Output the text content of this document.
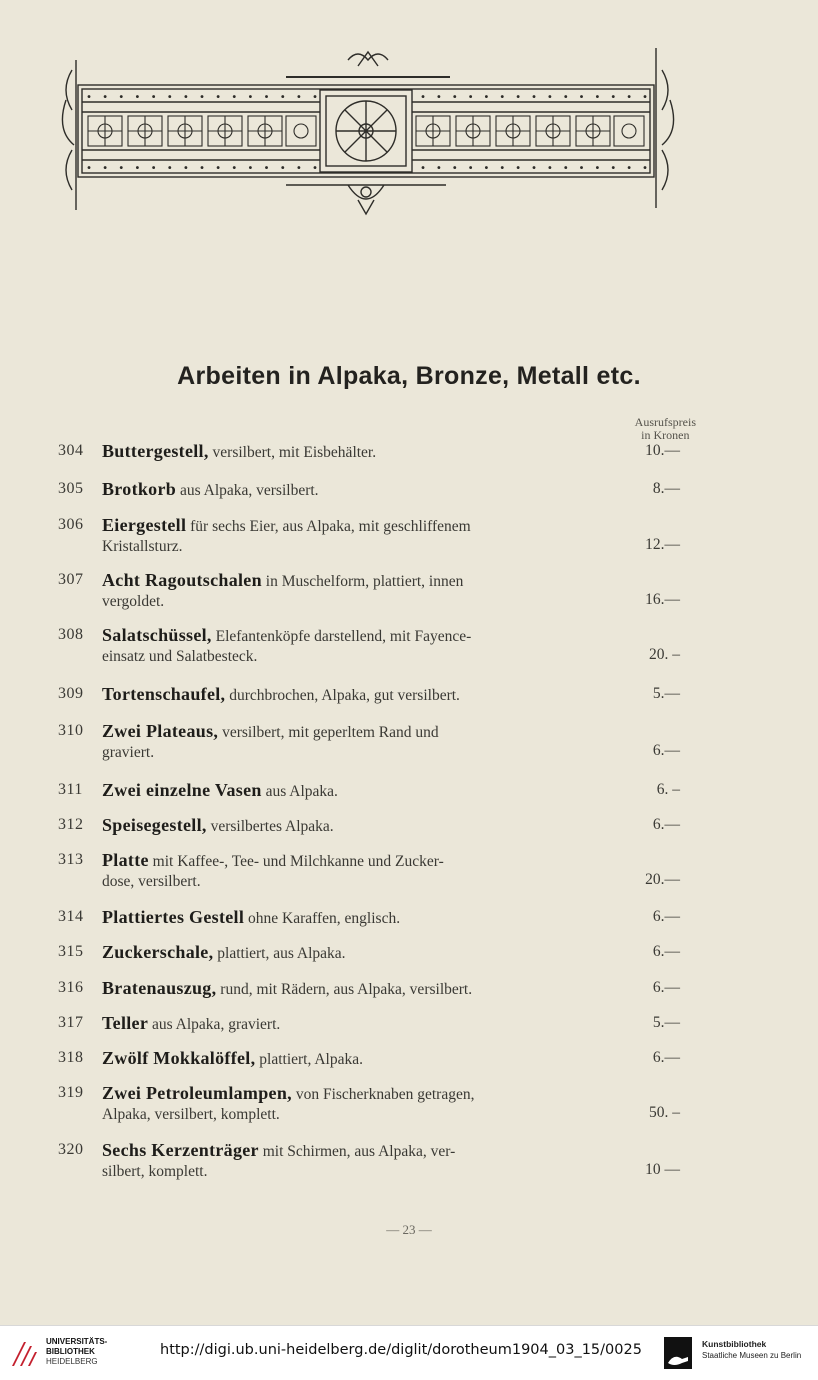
∙∙∙∙∙∙∙∙∙∙∙∙∙∙∙	∙∙∙∙∙∙∙∙∙∙∙∙∙∙∙
∙∙∙∙∙∙∙∙∙∙∙∙∙∙∙	∙∙∙∙∙∙∙∙∙∙∙∙∙∙∙
Arbeiten in Alpaka, Bronze, Metall etc.
Ausrufspreis
in Kronen
304	Buttergestell, versilbert, mit Eisbehälter.	10.—
305	Brotkorb aus Alpaka, versilbert.	8.—
306	Eiergestell für sechs Eier, aus Alpaka, mit geschliffenem
Kristallsturz.	12.—
307	Acht Ragoutschalen in Muschelform, plattiert, innen
vergoldet.	16.—
308	Salatschüssel, Elefantenköpfe darstellend, mit Fayence-
einsatz und Salatbesteck.	20. –
309	Tortenschaufel, durchbrochen, Alpaka, gut versilbert.	5.—
310	Zwei Plateaus, versilbert, mit geperltem Rand und
graviert.	6.—
311	Zwei einzelne Vasen aus Alpaka.	6. –
312	Speisegestell, versilbertes Alpaka.	6.—
313	Platte mit Kaffee-, Tee- und Milchkanne und Zucker-
dose, versilbert.	20.—
314	Plattiertes Gestell ohne Karaffen, englisch.	6.—
315	Zuckerschale, plattiert, aus Alpaka.	6.—
316	Bratenauszug, rund, mit Rädern, aus Alpaka, versilbert.	6.—
317	Teller aus Alpaka, graviert.	5.—
318	Zwölf Mokkalöffel, plattiert, Alpaka.	6.—
319	Zwei Petroleumlampen, von Fischerknaben getragen,
Alpaka, versilbert, komplett.	50. –
320	Sechs Kerzenträger mit Schirmen, aus Alpaka, ver-
silbert, komplett.	10 —
— 23 —
UNIVERSITÄTS-
BIBLIOTHEK
HEIDELBERG
http://digi.ub.uni-heidelberg.de/diglit/dorotheum1904_03_15/0025	Kunstbibliothek
Staatliche Museen zu Berlin
